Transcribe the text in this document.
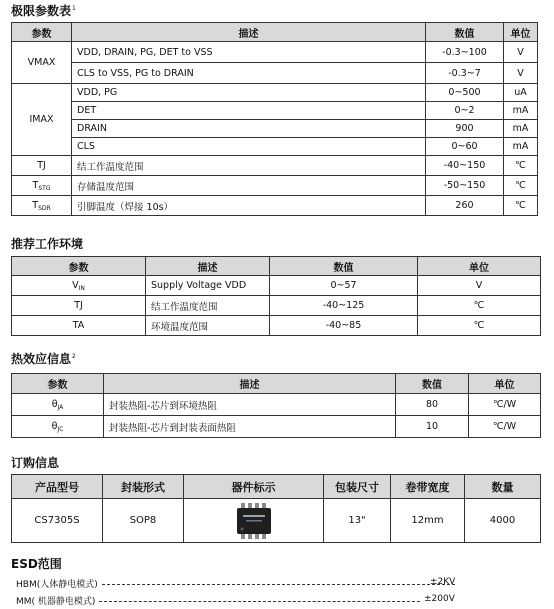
极限参数表$^1$
参数	描述	数值	单位
VMAX	VDD, DRAIN, PG, DET to VSS	-0.3~100	V
	CLS to VSS, PG to DRAIN	-0.3~7	V
IMAX	VDD, PG	0~500	uA
	DET	0~2	mA
	DRAIN	900	mA
	CLS	0~60	mA
TJ	结工作温度范围	-40~150	℃
$T_{STG}$	存储温度范围	-50~150	℃
$T_{SDR}$	引脚温度（焊接 10s）	260	℃
推荐工作环境
参数	描述	数值	单位
$V_{IN}$	Supply Voltage VDD	0~57	V
TJ	结工作温度范围	-40~125	℃
TA	环境温度范围	-40~85	℃
热效应信息$^2$
参数	描述	数值	单位
$\theta_{JA}$	封装热阻-芯片到环境热阻	80	℃/W
$\theta_{JC}$	封装热阻-芯片到封装表面热阻	10	℃/W
订购信息
产品型号	封装形式	器件标示	包装尺寸	卷带宽度	数量
CS7305S	SOP8		13"	12mm	4000
ESD范围
HBM(人体静电模式)	±2KV
MM( 机器静电模式)	±200V
